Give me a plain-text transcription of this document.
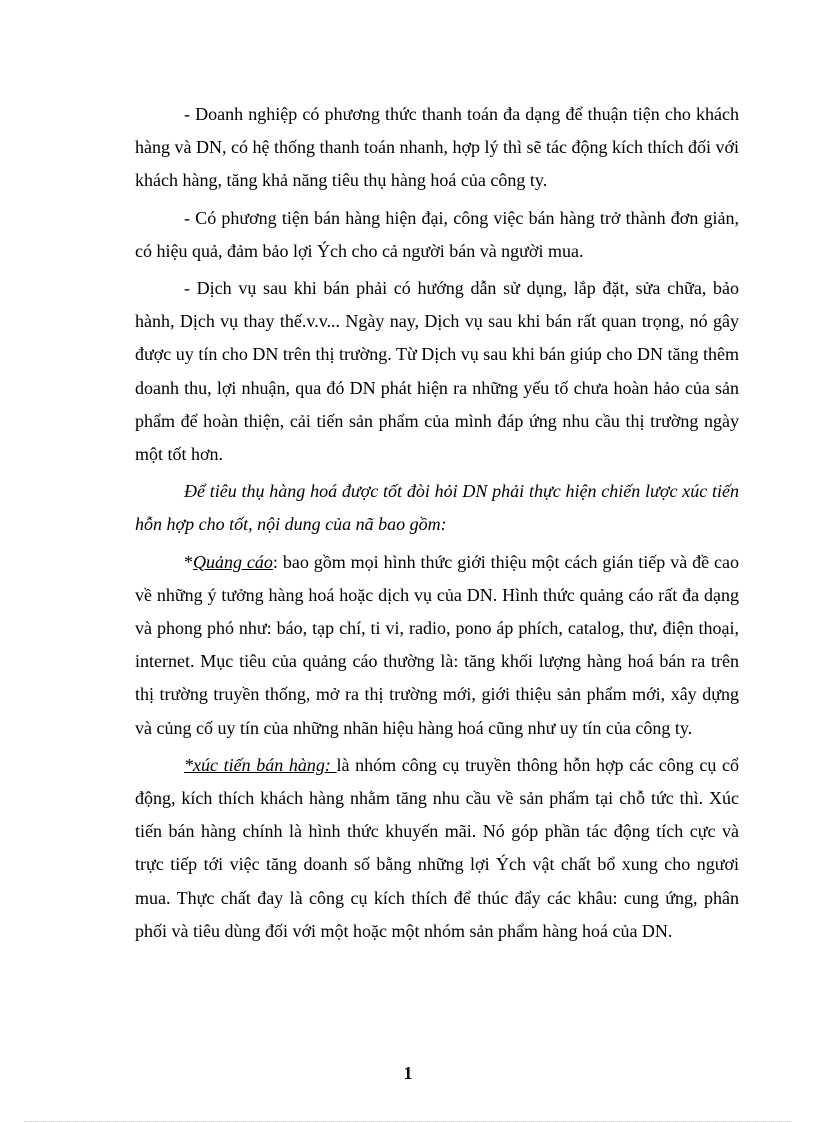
- Doanh nghiệp có phương thức thanh toán đa dạng để thuận tiện cho khách hàng và DN, có hệ thống thanh toán nhanh, hợp lý thì sẽ tác động kích thích đối với khách hàng, tăng khả năng tiêu thụ hàng hoá của công ty.

- Có phương tiện bán hàng hiện đại, công việc bán hàng trở thành đơn giản, có hiệu quả, đảm bảo lợi Ých cho cả người bán và người mua.

- Dịch vụ sau khi bán phải có hướng dẫn sử dụng, lắp đặt, sửa chữa, bảo hành, Dịch vụ thay thế.v.v... Ngày nay, Dịch vụ sau khi bán rất quan trọng, nó gây được uy tín cho DN trên thị trường. Từ Dịch vụ sau khi bán giúp cho DN tăng thêm doanh thu, lợi nhuận, qua đó DN phát hiện ra những yếu tố chưa hoàn hảo của sản phẩm để hoàn thiện, cải tiến sản phẩm của mình đáp ứng nhu cầu thị trường ngày một tốt hơn.

Để tiêu thụ hàng hoá được tốt đòi hỏi DN phải thực hiện chiến lược xúc tiến hỗn hợp cho tốt, nội dung của nã bao gồm:

*Quảng cáo: bao gồm mọi hình thức giới thiệu một cách gián tiếp và đề cao về những ý tưởng hàng hoá hoặc dịch vụ của DN. Hình thức quảng cáo rất đa dạng và phong phó như: báo, tạp chí, ti vi, radio, pono áp phích, catalog, thư, điện thoại, internet. Mục tiêu của quảng cáo thường là: tăng khối lượng hàng hoá bán ra trên thị trường truyền thống, mở ra thị trường mới, giới thiệu sản phẩm mới, xây dựng và củng cố uy tín của những nhãn hiệu hàng hoá cũng như uy tín của công ty.

*xúc tiến bán hàng: là nhóm công cụ truyền thông hỗn hợp các công cụ cổ động, kích thích khách hàng nhằm tăng nhu cầu về sản phẩm tại chỗ tức thì. Xúc tiến bán hàng chính là hình thức khuyến mãi. Nó góp phần tác động tích cực và trực tiếp tới việc tăng doanh số bằng những lợi Ých vật chất bổ xung cho ngươi mua. Thực chất đay là công cụ kích thích để thúc đẩy các khâu: cung ứng, phân phối và tiêu dùng đối với một hoặc một nhóm sản phẩm hàng hoá của DN.

1
